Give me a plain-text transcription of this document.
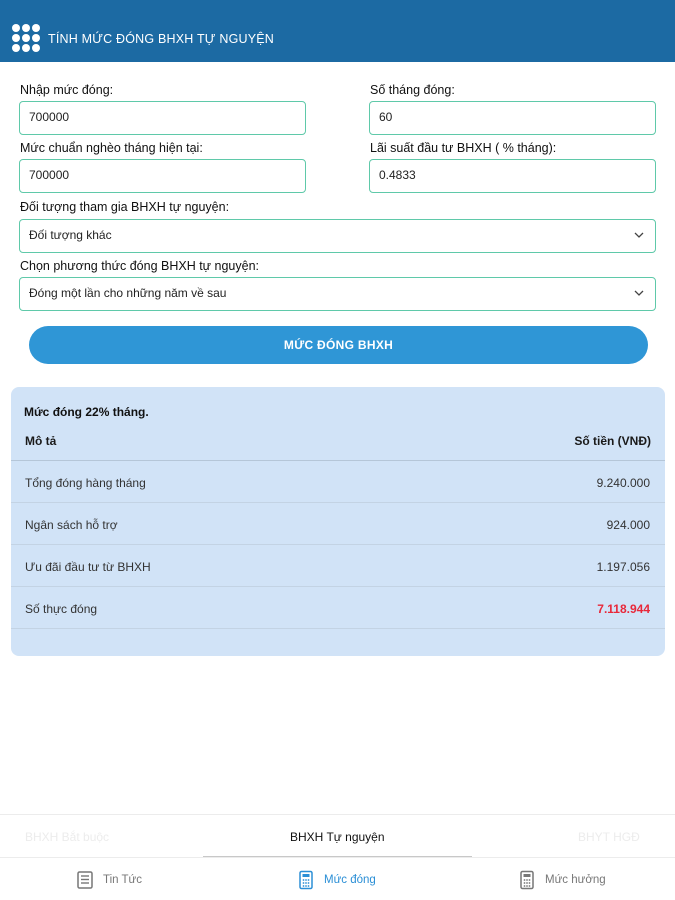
TÍNH MỨC ĐÓNG BHXH TỰ NGUYỆN
Nhập mức đóng:
700000
Số tháng đóng:
60
Mức chuẩn nghèo tháng hiện tại:
700000
Lãi suất đầu tư BHXH ( % tháng):
0.4833
Đối tượng tham gia BHXH tự nguyện:
Đối tượng khác
Chọn phương thức đóng BHXH tự nguyện:
Đóng một lần cho những năm về sau
MỨC ĐÓNG BHXH
Mức đóng 22% tháng.
Mô tả	Số tiền (VNĐ)
Tổng đóng hàng tháng	9.240.000
Ngân sách hỗ trợ	924.000
Ưu đãi đầu tư từ BHXH	1.197.056
Số thực đóng	7.118.944
BHXH Bắt buộc	BHXH Tự nguyện	BHYT HGĐ
Tin Tức	Mức đóng	Mức hưởng
